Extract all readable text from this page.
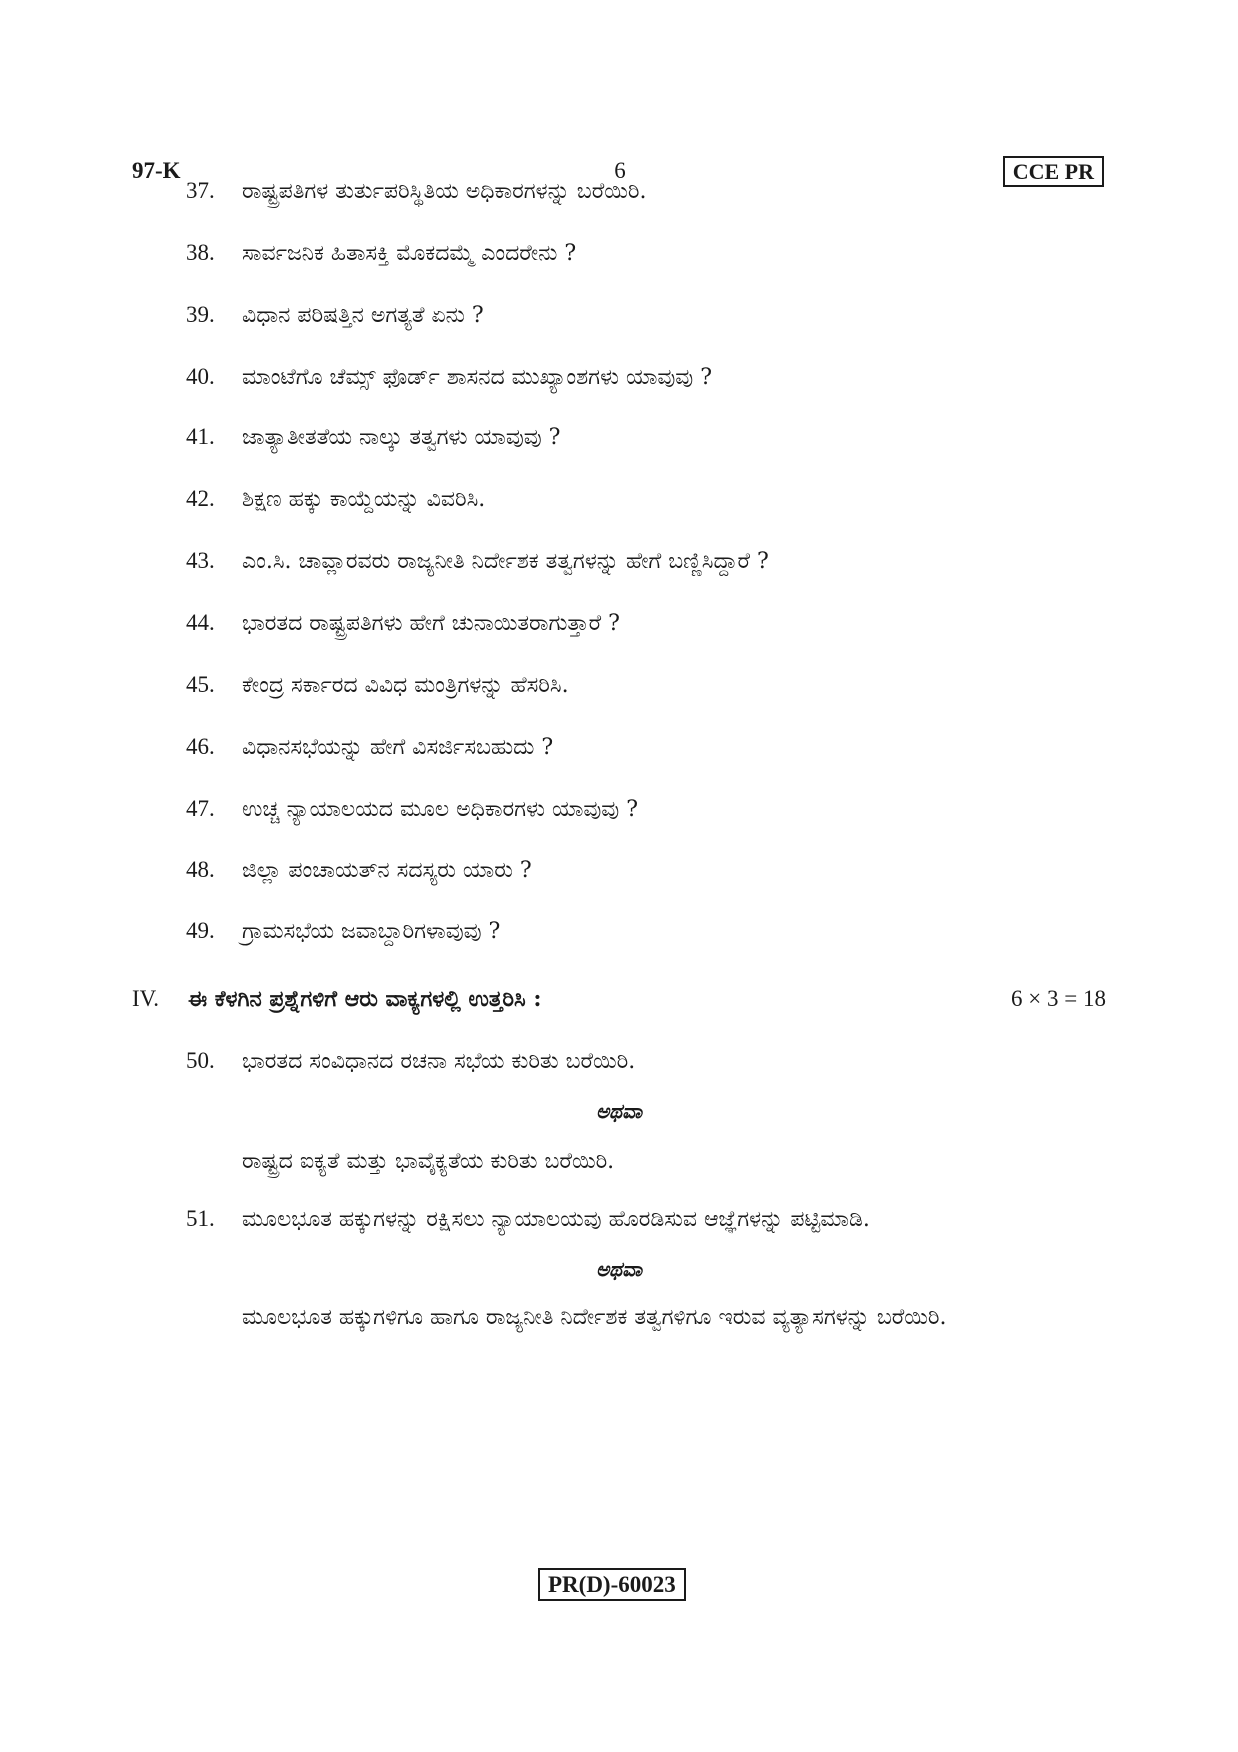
97-K	6	CCE PR
37. ರಾಷ್ಟ್ರಪತಿಗಳ ತುರ್ತುಪರಿಸ್ಥಿತಿಯ ಅಧಿಕಾರಗಳನ್ನು ಬರೆಯಿರಿ.
38. ಸಾರ್ವಜನಿಕ ಹಿತಾಸಕ್ತಿ ಮೊಕದಮ್ಮೆ ಎಂದರೇನು ?
39. ವಿಧಾನ ಪರಿಷತ್ತಿನ ಅಗತ್ಯತೆ ಏನು ?
40. ಮಾಂಟೆಗೊ ಚೆಮ್ಸ್ ಫೊರ್ಡ್ ಶಾಸನದ ಮುಖ್ಯಾಂಶಗಳು ಯಾವುವು ?
41. ಜಾತ್ಯಾತೀತತೆಯ ನಾಲ್ಕು ತತ್ವಗಳು ಯಾವುವು ?
42. ಶಿಕ್ಷಣ ಹಕ್ಕು ಕಾಯ್ದೆಯನ್ನು ವಿವರಿಸಿ.
43. ಎಂ.ಸಿ. ಚಾವ್ಲಾರವರು ರಾಜ್ಯನೀತಿ ನಿರ್ದೇಶಕ ತತ್ವಗಳನ್ನು ಹೇಗೆ ಬಣ್ಣಿಸಿದ್ದಾರೆ ?
44. ಭಾರತದ ರಾಷ್ಟ್ರಪತಿಗಳು ಹೇಗೆ ಚುನಾಯಿತರಾಗುತ್ತಾರೆ ?
45. ಕೇಂದ್ರ ಸರ್ಕಾರದ ವಿವಿಧ ಮಂತ್ರಿಗಳನ್ನು ಹೆಸರಿಸಿ.
46. ವಿಧಾನಸಭೆಯನ್ನು ಹೇಗೆ ವಿಸರ್ಜಿಸಬಹುದು ?
47. ಉಚ್ಚ ನ್ಯಾಯಾಲಯದ ಮೂಲ ಅಧಿಕಾರಗಳು ಯಾವುವು ?
48. ಜಿಲ್ಲಾ ಪಂಚಾಯತ್‌ನ ಸದಸ್ಯರು ಯಾರು ?
49. ಗ್ರಾಮಸಭೆಯ ಜವಾಬ್ದಾರಿಗಳಾವುವು ?
IV. ಈ ಕೆಳಗಿನ ಪ್ರಶ್ನೆಗಳಿಗೆ ಆರು ವಾಕ್ಯಗಳಲ್ಲಿ ಉತ್ತರಿಸಿ :	6 × 3 = 18
50. ಭಾರತದ ಸಂವಿಧಾನದ ರಚನಾ ಸಭೆಯ ಕುರಿತು ಬರೆಯಿರಿ.
ಅಥವಾ
ರಾಷ್ಟ್ರದ ಐಕ್ಯತೆ ಮತ್ತು ಭಾವೈಕ್ಯತೆಯ ಕುರಿತು ಬರೆಯಿರಿ.
51. ಮೂಲಭೂತ ಹಕ್ಕುಗಳನ್ನು ರಕ್ಷಿಸಲು ನ್ಯಾಯಾಲಯವು ಹೊರಡಿಸುವ ಆಜ್ಞೆಗಳನ್ನು ಪಟ್ಟಿಮಾಡಿ.
ಅಥವಾ
ಮೂಲಭೂತ ಹಕ್ಕುಗಳಿಗೂ ಹಾಗೂ ರಾಜ್ಯನೀತಿ ನಿರ್ದೇಶಕ ತತ್ವಗಳಿಗೂ ಇರುವ ವ್ಯತ್ಯಾಸಗಳನ್ನು ಬರೆಯಿರಿ.
PR(D)-60023
